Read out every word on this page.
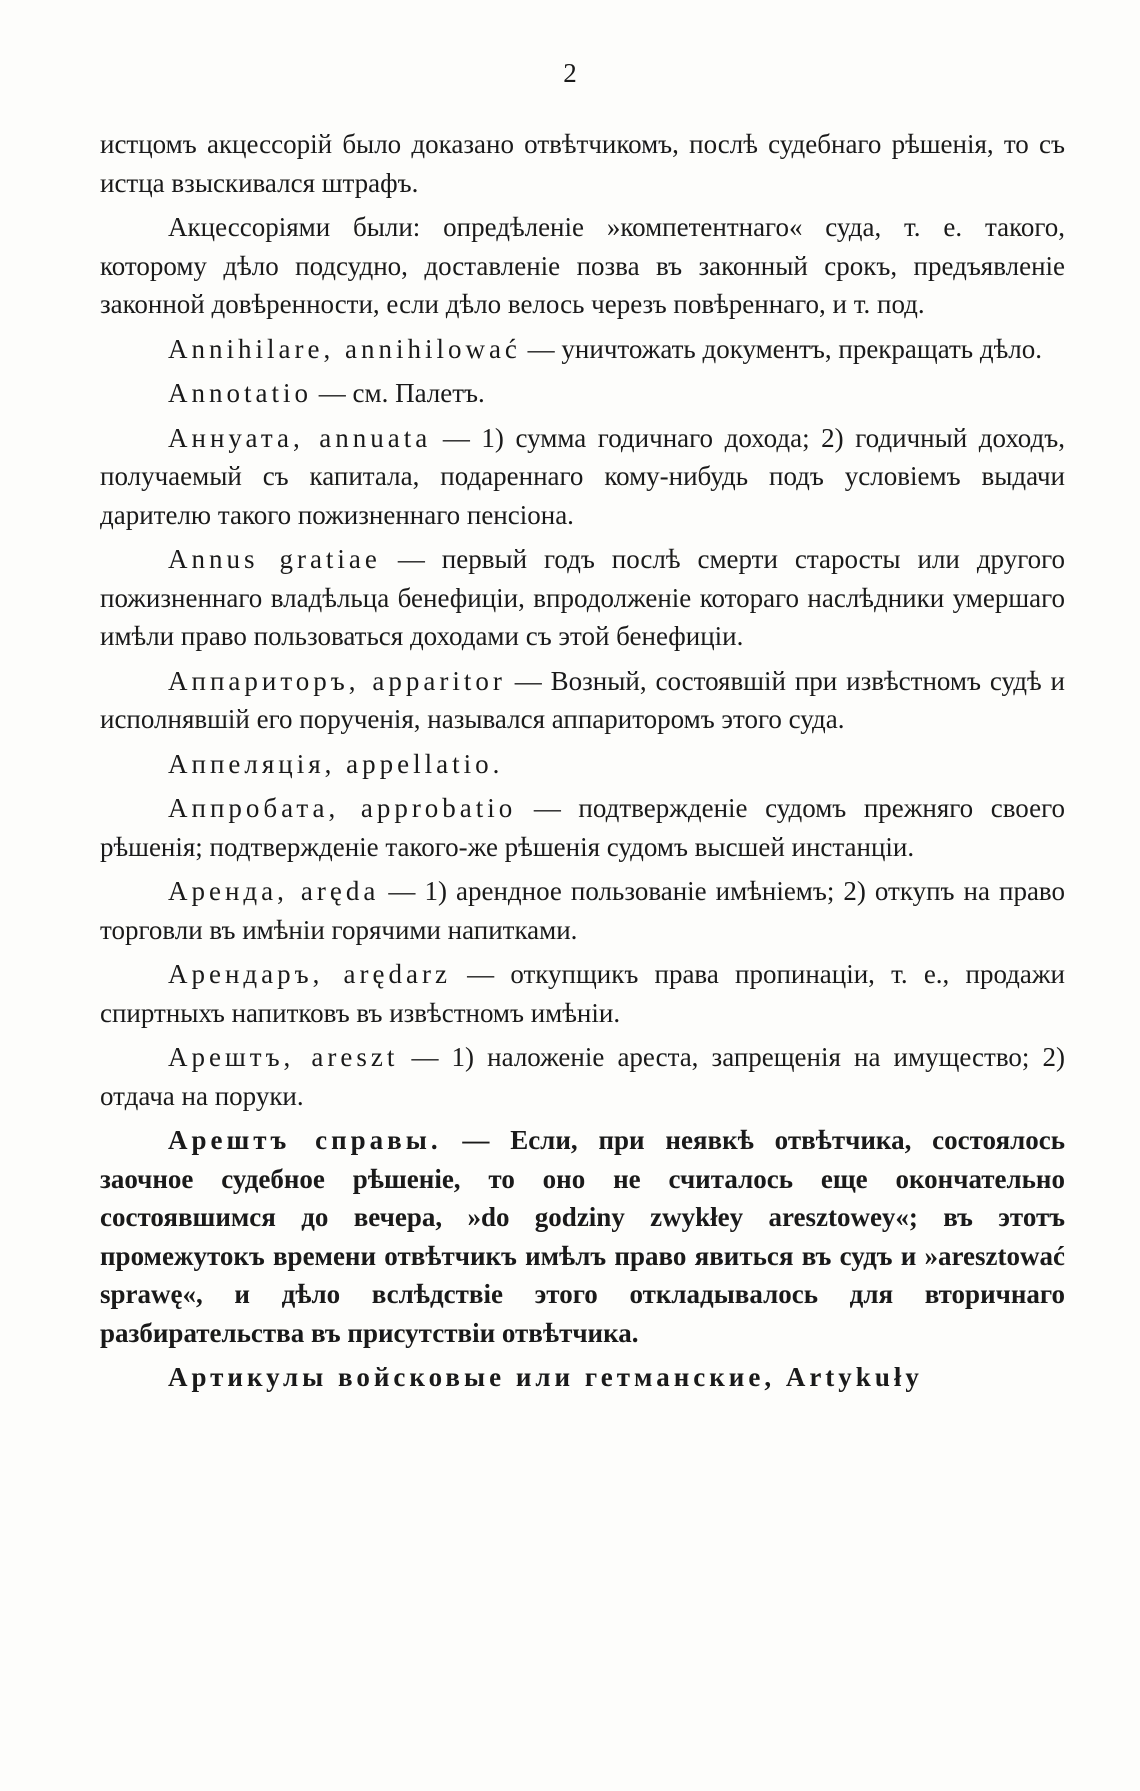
2

истцомъ акцессорій было доказано отвѣтчикомъ, послѣ судебнаго рѣшенія, то съ истца взыскивался штрафъ.

Акцессоріями были: опредѣленіе »компетентнаго« суда, т. е. такого, которому дѣло подсудно, доставленіе позва въ законный срокъ, предъявленіе законной довѣренности, если дѣло велось черезъ повѣреннаго, и т. под.

Annihilare, annihilować — уничтожать документъ, прекращать дѣло.

Annotatio — см. Палетъ.

Аннуата, annuata — 1) сумма годичнаго дохода; 2) годичный доходъ, получаемый съ капитала, подареннаго кому-нибудь подъ условіемъ выдачи дарителю такого пожизненнаго пенсіона.

Annus gratiae — первый годъ послѣ смерти старосты или другого пожизненнаго владѣльца бенефиціи, впродолженіе котораго наслѣдники умершаго имѣли право пользоваться доходами съ этой бенефиціи.

Аппариторъ, apparitor — Возный, состоявшій при извѣстномъ судѣ и исполнявшій его порученія, назывался аппариторомъ этого суда.

Аппеляція, appellatio.

Аппробата, approbatio — подтвержденіе судомъ прежняго своего рѣшенія; подтвержденіе такого-же рѣшенія судомъ высшей инстанціи.

Аренда, arędа — 1) арендное пользованіе имѣніемъ; 2) откупъ на право торговли въ имѣніи горячими напитками.

Арендаръ, arędarz — откупщикъ права пропинаціи, т. е., продажи спиртныхъ напитковъ въ извѣстномъ имѣніи.

Арештъ, areszt — 1) наложеніе ареста, запрещенія на имущество; 2) отдача на поруки.

Арештъ справы. — Если, при неявкѣ отвѣтчика, состоялось заочное судебное рѣшеніе, то оно не считалось еще окончательно состоявшимся до вечера, »do godziny zwykłey aresztowey«; въ этотъ промежутокъ времени отвѣтчикъ имѣлъ право явиться въ судъ и »aresztować sprawę«, и дѣло вслѣдствіе этого откладывалось для вторичнаго разбирательства въ присутствіи отвѣтчика.

Артикулы войсковые или гетманские, Artykuły
